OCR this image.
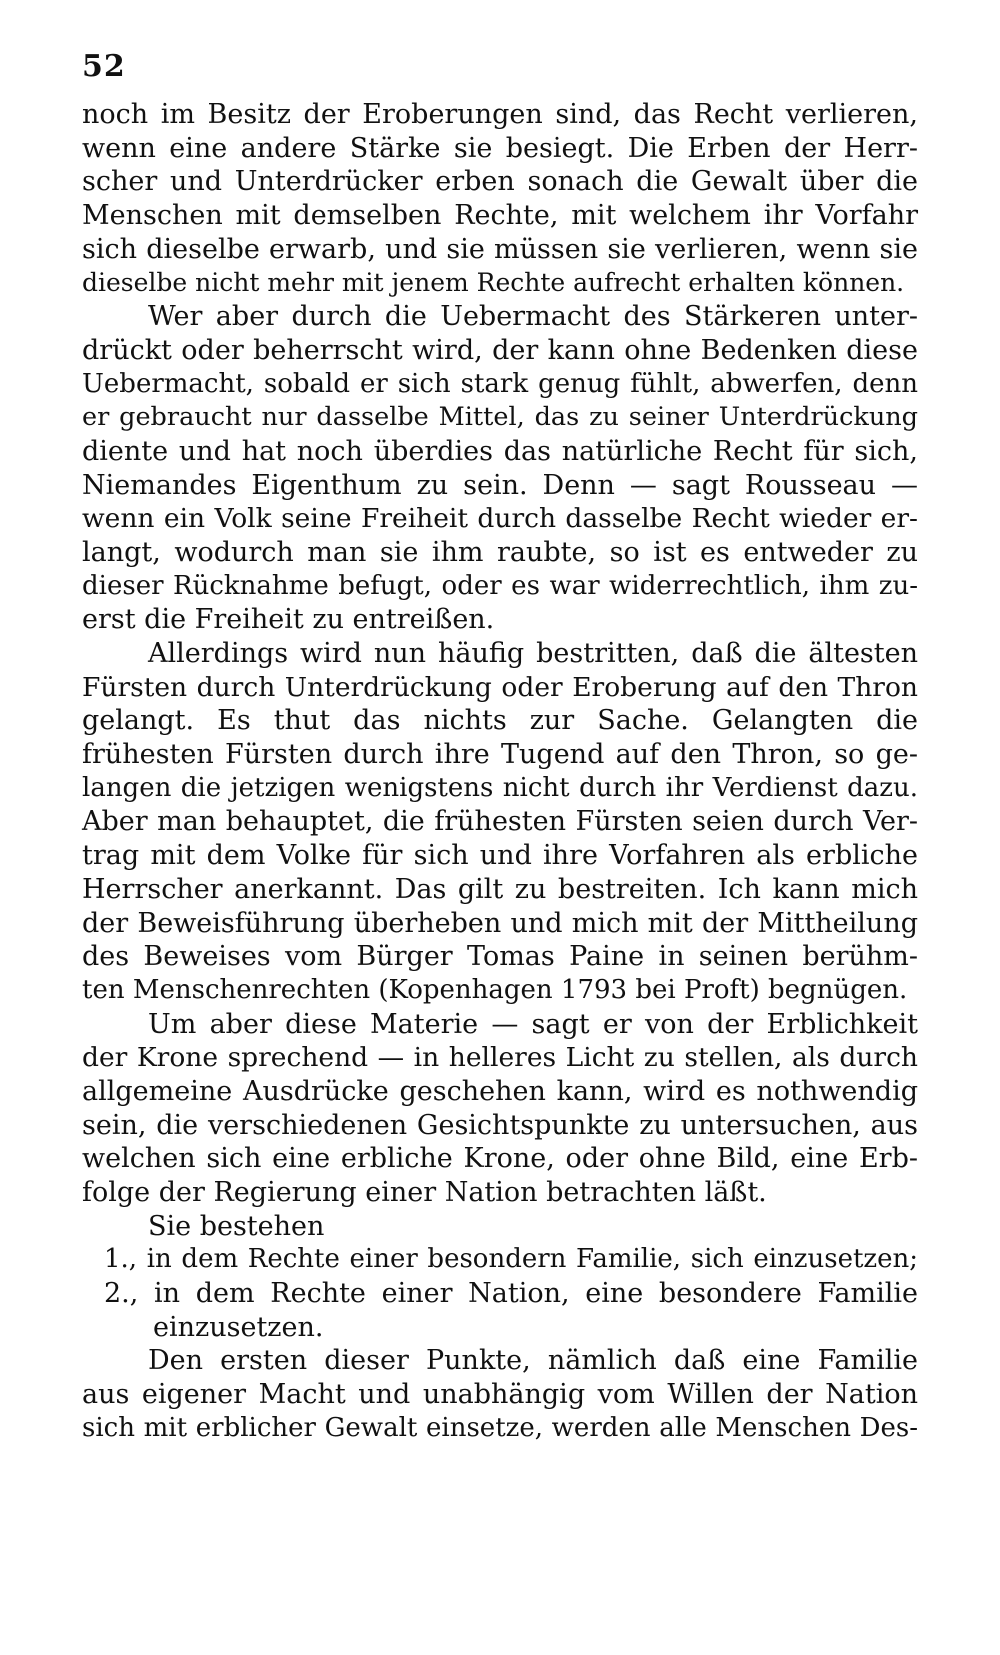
52
noch im Besitz der Eroberungen sind, das Recht verlieren,
wenn eine andere Stärke sie besiegt. Die Erben der Herr-
scher und Unterdrücker erben sonach die Gewalt über die
Menschen mit demselben Rechte, mit welchem ihr Vorfahr
sich dieselbe erwarb, und sie müssen sie verlieren, wenn sie
dieselbe nicht mehr mit jenem Rechte aufrecht erhalten können.
Wer aber durch die Uebermacht des Stärkeren unter-
drückt oder beherrscht wird, der kann ohne Bedenken diese
Uebermacht, sobald er sich stark genug fühlt, abwerfen, denn
er gebraucht nur dasselbe Mittel, das zu seiner Unterdrückung
diente und hat noch überdies das natürliche Recht für sich,
Niemandes Eigenthum zu sein. Denn — sagt Rousseau —
wenn ein Volk seine Freiheit durch dasselbe Recht wieder er-
langt, wodurch man sie ihm raubte, so ist es entweder zu
dieser Rücknahme befugt, oder es war widerrechtlich, ihm zu-
erst die Freiheit zu entreißen.
Allerdings wird nun häufig bestritten, daß die ältesten
Fürsten durch Unterdrückung oder Eroberung auf den Thron
gelangt. Es thut das nichts zur Sache. Gelangten die
frühesten Fürsten durch ihre Tugend auf den Thron, so ge-
langen die jetzigen wenigstens nicht durch ihr Verdienst dazu.
Aber man behauptet, die frühesten Fürsten seien durch Ver-
trag mit dem Volke für sich und ihre Vorfahren als erbliche
Herrscher anerkannt. Das gilt zu bestreiten. Ich kann mich
der Beweisführung überheben und mich mit der Mittheilung
des Beweises vom Bürger Tomas Paine in seinen berühm-
ten Menschenrechten (Kopenhagen 1793 bei Proft) begnügen.
Um aber diese Materie — sagt er von der Erblichkeit
der Krone sprechend — in helleres Licht zu stellen, als durch
allgemeine Ausdrücke geschehen kann, wird es nothwendig
sein, die verschiedenen Gesichtspunkte zu untersuchen, aus
welchen sich eine erbliche Krone, oder ohne Bild, eine Erb-
folge der Regierung einer Nation betrachten läßt.
Sie bestehen
1., in dem Rechte einer besondern Familie, sich einzusetzen;
2., in dem Rechte einer Nation, eine besondere Familie
einzusetzen.
Den ersten dieser Punkte, nämlich daß eine Familie
aus eigener Macht und unabhängig vom Willen der Nation
sich mit erblicher Gewalt einsetze, werden alle Menschen Des-
